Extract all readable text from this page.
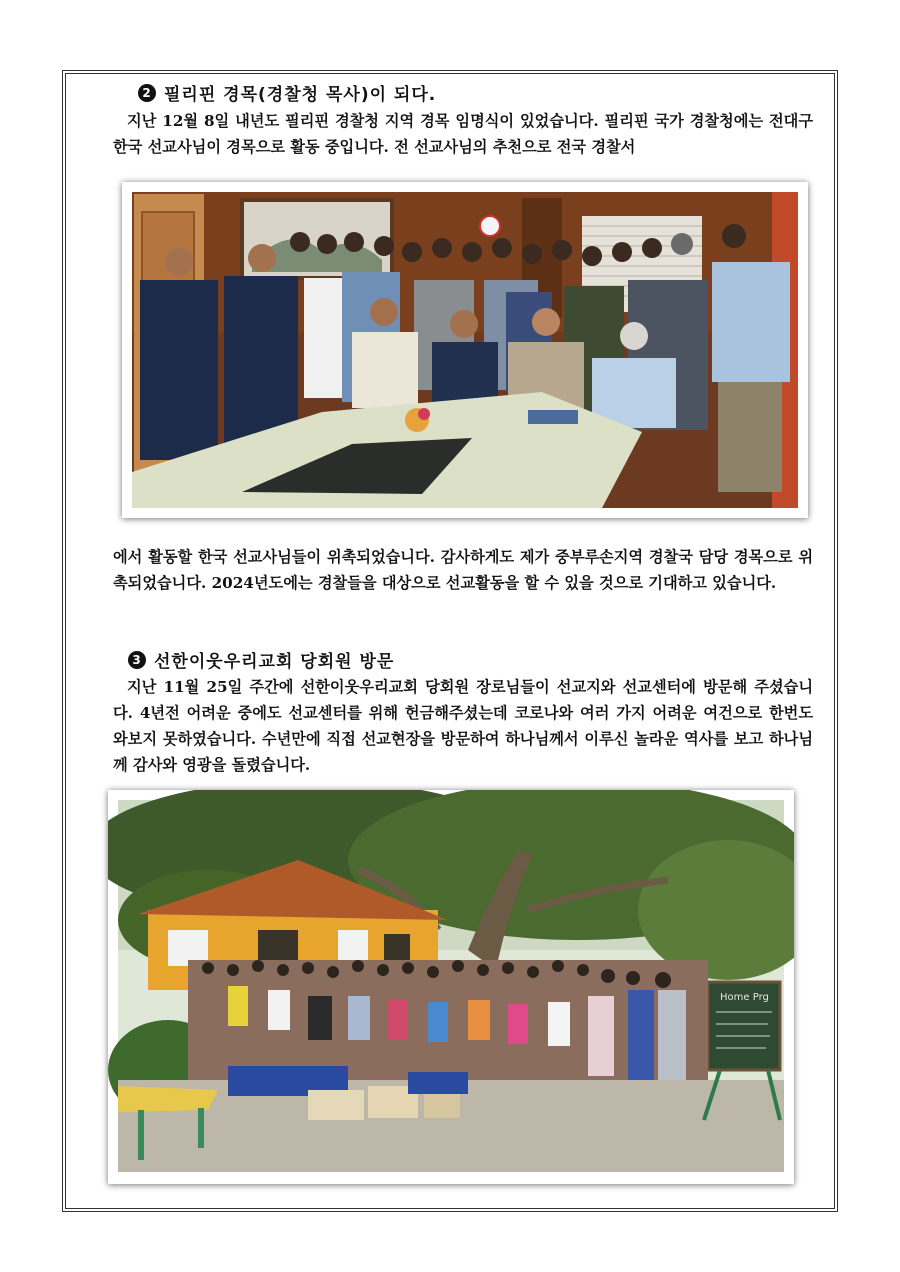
2 필리핀 경목(경찰청 목사)이 되다.
지난 12월 8일 내년도 필리핀 경찰청 지역 경목 임명식이 있었습니다. 필리핀 국가 경찰청에는 전대구 한국 선교사님이 경목으로 활동 중입니다. 전 선교사님의 추천으로 전국 경찰서
에서 활동할 한국 선교사님들이 위촉되었습니다. 감사하게도 제가 중부루손지역 경찰국 담당 경목으로 위촉되었습니다. 2024년도에는 경찰들을 대상으로 선교활동을 할 수 있을 것으로 기대하고 있습니다.
3 선한이웃우리교회 당회원 방문
지난 11월 25일 주간에 선한이웃우리교회 당회원 장로님들이 선교지와 선교센터에 방문해 주셨습니다. 4년전 어려운 중에도 선교센터를 위해 헌금해주셨는데 코로나와 여러 가지 어려운 여건으로 한번도 와보지 못하였습니다. 수년만에 직접 선교현장을 방문하여 하나님께서 이루신 놀라운 역사를 보고 하나님께 감사와 영광을 돌렸습니다.
Home Prg
